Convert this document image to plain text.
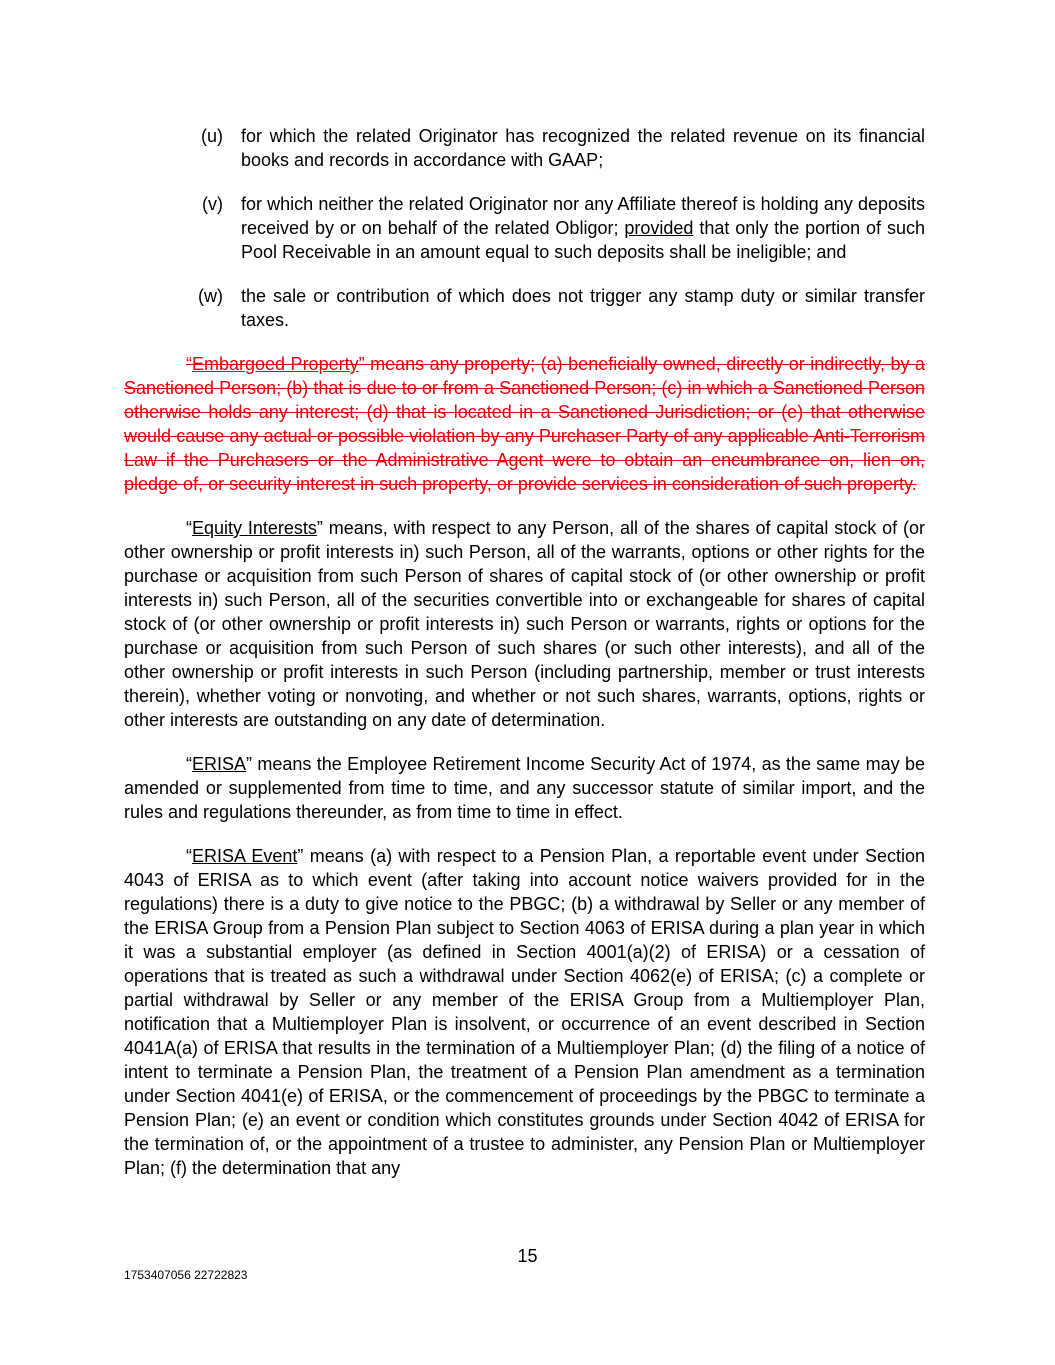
(u)	for which the related Originator has recognized the related revenue on its financial books and records in accordance with GAAP;
(v)	for which neither the related Originator nor any Affiliate thereof is holding any deposits received by or on behalf of the related Obligor; provided that only the portion of such Pool Receivable in an amount equal to such deposits shall be ineligible; and
(w)	the sale or contribution of which does not trigger any stamp duty or similar transfer taxes.

“Embargoed Property” means any property; (a) beneficially owned, directly or indirectly, by a Sanctioned Person; (b) that is due to or from a Sanctioned Person; (c) in which a Sanctioned Person otherwise holds any interest; (d) that is located in a Sanctioned Jurisdiction; or (e) that otherwise would cause any actual or possible violation by any Purchaser Party of any applicable Anti-Terrorism Law if the Purchasers or the Administrative Agent were to obtain an encumbrance on, lien on, pledge of, or security interest in such property, or provide services in consideration of such property.

“Equity Interests” means, with respect to any Person, all of the shares of capital stock of (or other ownership or profit interests in) such Person, all of the warrants, options or other rights for the purchase or acquisition from such Person of shares of capital stock of (or other ownership or profit interests in) such Person, all of the securities convertible into or exchangeable for shares of capital stock of (or other ownership or profit interests in) such Person or warrants, rights or options for the purchase or acquisition from such Person of such shares (or such other interests), and all of the other ownership or profit interests in such Person (including partnership, member or trust interests therein), whether voting or nonvoting, and whether or not such shares, warrants, options, rights or other interests are outstanding on any date of determination.

“ERISA” means the Employee Retirement Income Security Act of 1974, as the same may be amended or supplemented from time to time, and any successor statute of similar import, and the rules and regulations thereunder, as from time to time in effect.

“ERISA Event” means (a) with respect to a Pension Plan, a reportable event under Section 4043 of ERISA as to which event (after taking into account notice waivers provided for in the regulations) there is a duty to give notice to the PBGC; (b) a withdrawal by Seller or any member of the ERISA Group from a Pension Plan subject to Section 4063 of ERISA during a plan year in which it was a substantial employer (as defined in Section 4001(a)(2) of ERISA) or a cessation of operations that is treated as such a withdrawal under Section 4062(e) of ERISA; (c) a complete or partial withdrawal by Seller or any member of the ERISA Group from a Multiemployer Plan, notification that a Multiemployer Plan is insolvent, or occurrence of an event described in Section 4041A(a) of ERISA that results in the termination of a Multiemployer Plan; (d) the filing of a notice of intent to terminate a Pension Plan, the treatment of a Pension Plan amendment as a termination under Section 4041(e) of ERISA, or the commencement of proceedings by the PBGC to terminate a Pension Plan; (e) an event or condition which constitutes grounds under Section 4042 of ERISA for the termination of, or the appointment of a trustee to administer, any Pension Plan or Multiemployer Plan; (f) the determination that any

15
1753407056 22722823
